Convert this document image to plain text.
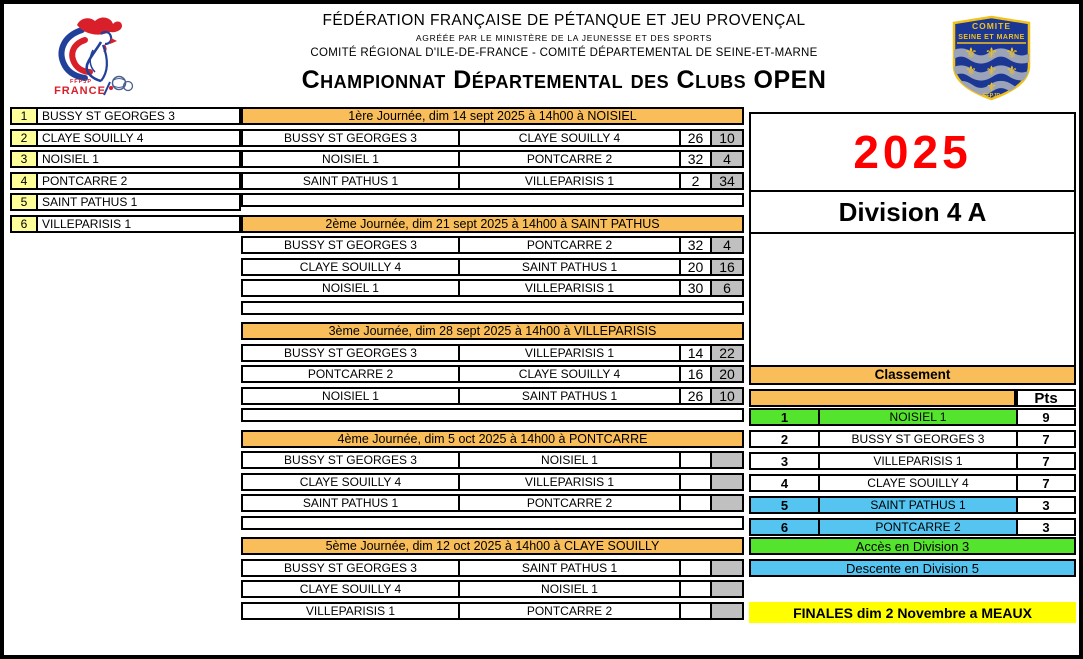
FFPJP
FRANCE
FÉDÉRATION FRANÇAISE DE PÉTANQUE ET JEU PROVENÇAL
AGRÉÉE PAR LE MINISTÈRE DE LA JEUNESSE ET DES SPORTS
COMITÉ RÉGIONAL D'ILE-DE-FRANCE - COMITÉ DÉPARTEMENTAL DE SEINE-ET-MARNE
Championnat Départemental des Clubs OPEN
COMITE
SEINE ET MARNE
⚜ ⚜ ⚜
⚜ ⚜ ⚜
⚜
FFPJP
1	BUSSY ST GEORGES 3
2	CLAYE SOUILLY 4
3	NOISIEL 1
4	PONTCARRE 2
5	SAINT PATHUS 1
6	VILLEPARISIS 1
1ère Journée, dim 14 sept 2025 à 14h00 à NOISIEL
BUSSY ST GEORGES 3	CLAYE SOUILLY 4	26	10
NOISIEL 1	PONTCARRE 2	32	4
SAINT PATHUS 1	VILLEPARISIS 1	2	34
2ème Journée, dim 21 sept 2025 à 14h00 à SAINT PATHUS
BUSSY ST GEORGES 3	PONTCARRE 2	32	4
CLAYE SOUILLY 4	SAINT PATHUS 1	20	16
NOISIEL 1	VILLEPARISIS 1	30	6
3ème Journée, dim 28 sept 2025 à 14h00 à VILLEPARISIS
BUSSY ST GEORGES 3	VILLEPARISIS 1	14	22
PONTCARRE 2	CLAYE SOUILLY 4	16	20
NOISIEL 1	SAINT PATHUS 1	26	10
4ème Journée, dim 5 oct 2025 à 14h00 à PONTCARRE
BUSSY ST GEORGES 3	NOISIEL 1
CLAYE SOUILLY 4	VILLEPARISIS 1
SAINT PATHUS 1	PONTCARRE 2
5ème Journée, dim 12 oct 2025 à 14h00 à CLAYE SOUILLY
BUSSY ST GEORGES 3	SAINT PATHUS 1
CLAYE SOUILLY 4	NOISIEL 1
VILLEPARISIS 1	PONTCARRE 2
2025
Division 4 A
Classement
Pts
1	NOISIEL 1	9
2	BUSSY ST GEORGES 3	7
3	VILLEPARISIS 1	7
4	CLAYE SOUILLY 4	7
5	SAINT PATHUS 1	3
6	PONTCARRE 2	3
Accès en Division 3
Descente en Division 5
FINALES dim 2 Novembre a MEAUX
